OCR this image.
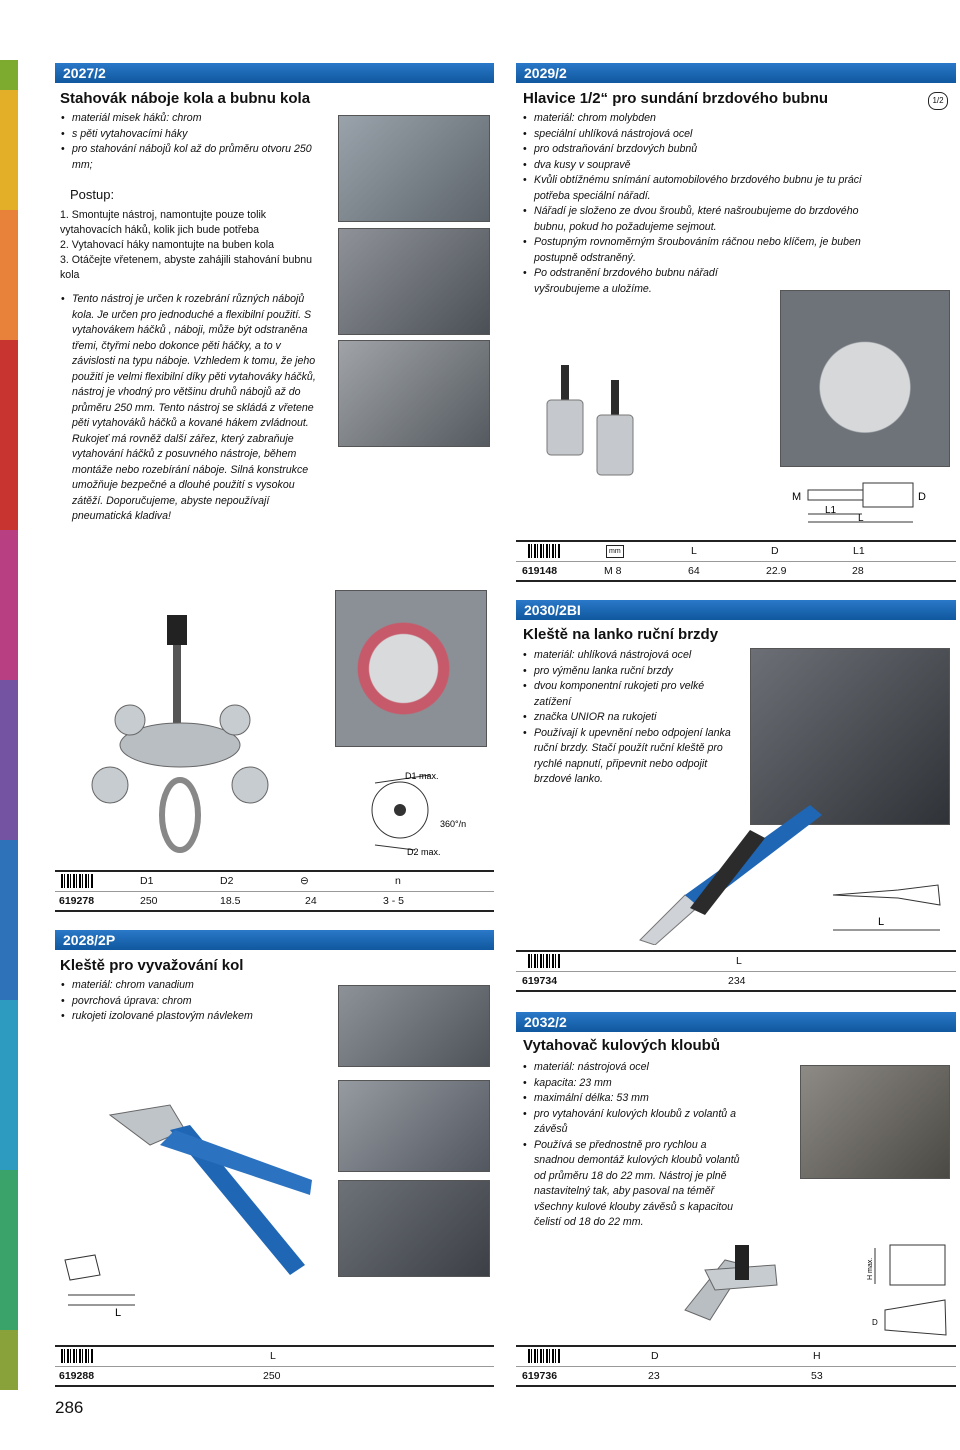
2027/2
Stahovák náboje kola a bubnu kola
• materiál misek háků: chrom
• s pěti vytahovacími háky
• pro stahování nábojů kol až do průměru otvoru 250 mm;
Postup:
1. Smontujte nástroj, namontujte pouze tolik vytahovacích háků, kolik jich bude potřeba
2. Vytahovací háky namontujte na buben kola
3. Otáčejte vřetenem, abyste zahájili stahování bubnu kola
• Tento nástroj je určen k rozebrání různých nábojů kola. Je určen pro jednoduché a flexibilní použití. S vytahovákem háčků , náboji, může být odstraněna třemi, čtyřmi nebo dokonce pěti háčky, a to v závislosti na typu náboje. Vzhledem k tomu, že jeho použití je velmi flexibilní díky pěti vytahováky háčků, nástroj je vhodný pro většinu druhů nábojů až do průměru 250 mm. Tento nástroj se skládá z vřetene pěti vytahováků háčků a kované hákem zvládnout. Rukojeť má rovněž další zářez, který zabraňuje vytahování háčků z posuvného nástroje, během montáže nebo rozebírání náboje. Silná konstrukce umožňuje bezpečné a dlouhé použití s vysokou zátěží. Doporučujeme, abyste nepoužívají pneumatická kladiva!
D1 max.
360°/n
D2 max.
D1	D2	⊖	n
619278	250	18.5	24	3 - 5
2028/2P
Kleště pro vyvažování kol
• materiál: chrom vanadium
• povrchová úprava: chrom
• rukojeti izolované plastovým návlekem
L
L
619288	250
286
2029/2
Hlavice 1/2“ pro sundání brzdového bubnu	1/2
• materiál: chrom molybden
• speciální uhlíková nástrojová ocel
• pro odstraňování brzdových bubnů
• dva kusy v soupravě
• Kvůli obtížnému snímání automobilového brzdového bubnu je tu práci potřeba speciální nářadí.
• Nářadí je složeno ze dvou šroubů, které našroubujeme do brzdového bubnu, pokud ho požadujeme sejmout.
• Postupným rovnoměrným šroubováním ráčnou nebo klíčem, je buben postupně odstraněný.
• Po odstranění brzdového bubnu nářadí vyšroubujeme a uložíme.
M	D
L1
L
mm	L	D	L1
619148	M 8	64	22.9	28
2030/2BI
Kleště na lanko ruční brzdy
• materiál: uhlíková nástrojová ocel
• pro výměnu lanka ruční brzdy
• dvou komponentní rukojeti pro velké zatížení
• značka UNIOR na rukojeti
• Používají k upevnění nebo odpojení lanka ruční brzdy. Stačí použít ruční kleště pro rychlé napnutí, připevnit nebo odpojit brzdové lanko.
L
L
619734	234
2032/2
Vytahovač kulových kloubů
• materiál: nástrojová ocel
• kapacita: 23 mm
• maximální délka: 53 mm
• pro vytahování kulových kloubů z volantů a závěsů
• Používá se přednostně pro rychlou a snadnou demontáž kulových kloubů volantů od průměru 18 do 22 mm. Nástroj je plně nastavitelný tak, aby pasoval na téměř všechny kulové klouby závěsů s kapacitou čelistí od 18 do 22 mm.
H max.
D
D	H
619736	23	53
